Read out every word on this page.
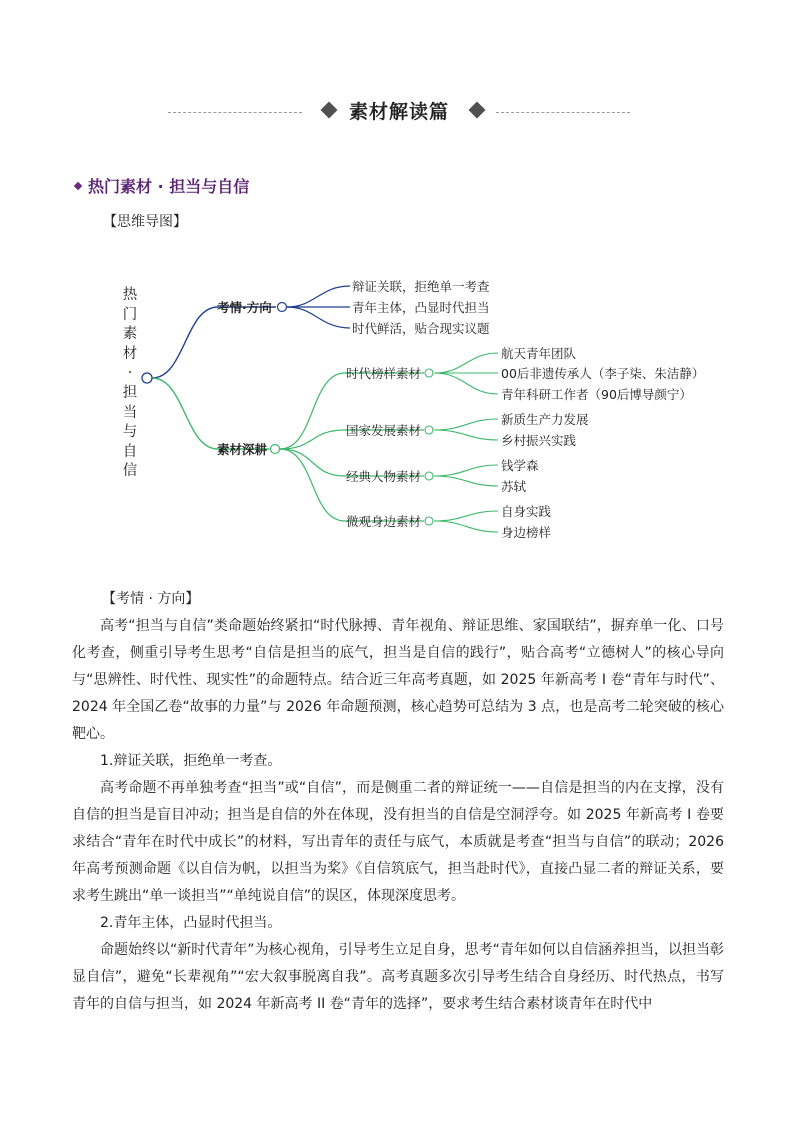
素材解读篇
热门素材 · 担当与自信
【思维导图】
热
门
素
材
·
担
当
与
自
信
考情·方向
辩证关联，拒绝单一考查
青年主体，凸显时代担当
时代鲜活，贴合现实议题
素材深耕
时代榜样素材
航天青年团队
00后非遗传承人（李子柒、朱洁静）
青年科研工作者（90后博导颜宁）
国家发展素材
新质生产力发展
乡村振兴实践
经典人物素材
钱学森
苏轼
微观身边素材
自身实践
身边榜样

【考情 · 方向】

高考“担当与自信”类命题始终紧扣“时代脉搏、青年视角、辩证思维、家国联结”，摒弃单一化、口号化考查，侧重引导考生思考“自信是担当的底气，担当是自信的践行”，贴合高考“立德树人”的核心导向与“思辨性、时代性、现实性”的命题特点。结合近三年高考真题，如 2025 年新高考 I 卷“青年与时代”、2024 年全国乙卷“故事的力量”与 2026 年命题预测，核心趋势可总结为 3 点，也是高考二轮突破的核心靶心。

1.辩证关联，拒绝单一考查。

高考命题不再单独考查“担当”或“自信”，而是侧重二者的辩证统一——自信是担当的内在支撑，没有自信的担当是盲目冲动；担当是自信的外在体现，没有担当的自信是空洞浮夸。如 2025 年新高考 I 卷要求结合“青年在时代中成长”的材料，写出青年的责任与底气，本质就是考查“担当与自信”的联动；2026 年高考预测命题《以自信为帆，以担当为桨》《自信筑底气，担当赴时代》，直接凸显二者的辩证关系，要求考生跳出“单一谈担当”“单纯说自信”的误区，体现深度思考。

2.青年主体，凸显时代担当。

命题始终以“新时代青年”为核心视角，引导考生立足自身，思考“青年如何以自信涵养担当，以担当彰显自信”，避免“长辈视角”“宏大叙事脱离自我”。高考真题多次引导考生结合自身经历、时代热点，书写青年的自信与担当，如 2024 年新高考 II 卷“青年的选择”，要求考生结合素材谈青年在时代中
